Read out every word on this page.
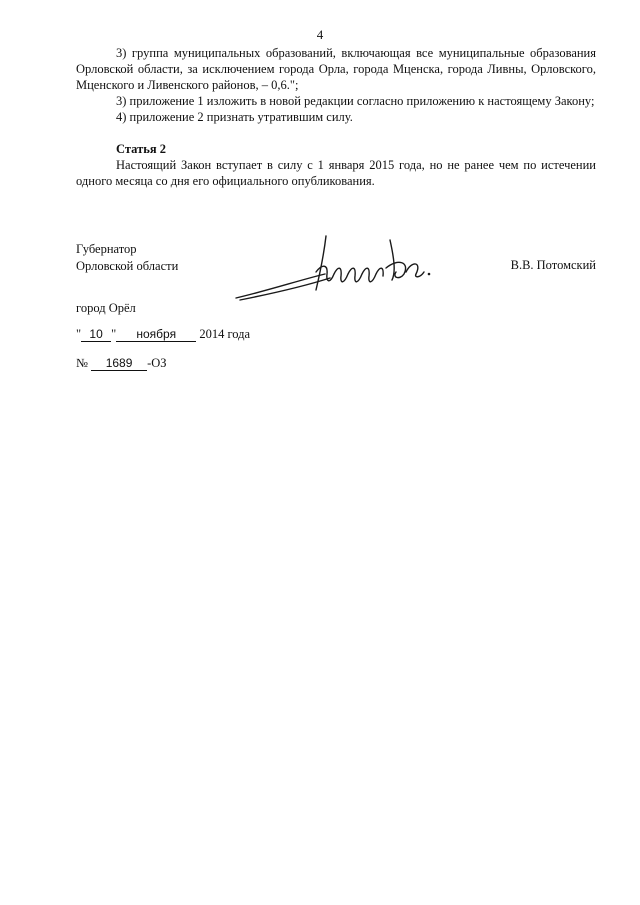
4

3) группа муниципальных образований, включающая все муниципальные образования Орловской области, за исключением города Орла, города Мценска, города Ливны, Орловского, Мценского и Ливенского районов, – 0,6.";

3) приложение 1 изложить в новой редакции согласно приложению к настоящему Закону;

4) приложение 2 признать утратившим силу.

Статья 2

Настоящий Закон вступает в силу с 1 января 2015 года, но не ранее чем по истечении одного месяца со дня его официального опубликования.

Губернатор
Орловской области	В.В. Потомский
город Орёл
" 10 " ноября 2014 года
№ 1689 -ОЗ
